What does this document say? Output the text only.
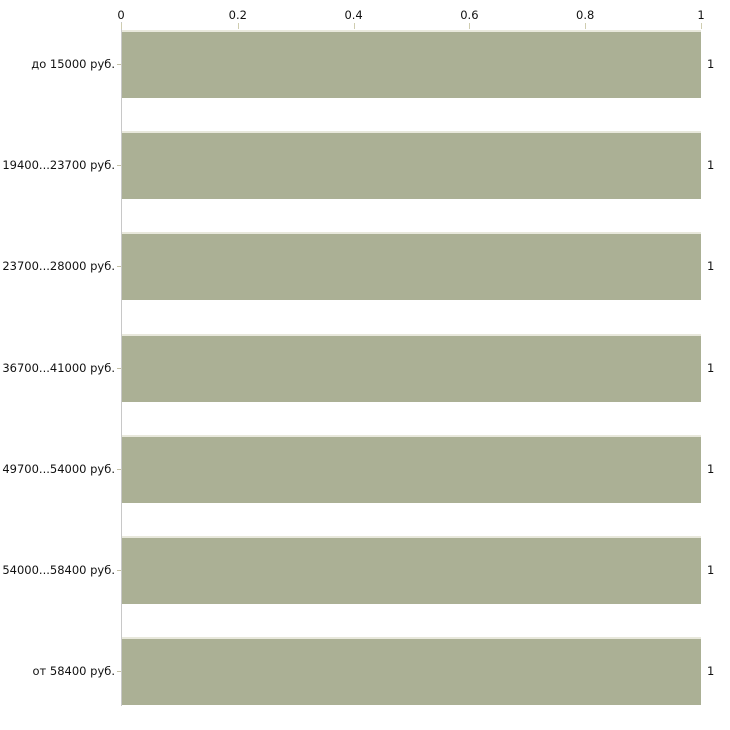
0	0.2	0.4	0.6	0.8	1
до 15000 руб.	1
19400...23700 руб.	1
23700...28000 руб.	1
36700...41000 руб.	1
49700...54000 руб.	1
54000...58400 руб.	1
от 58400 руб.	1
